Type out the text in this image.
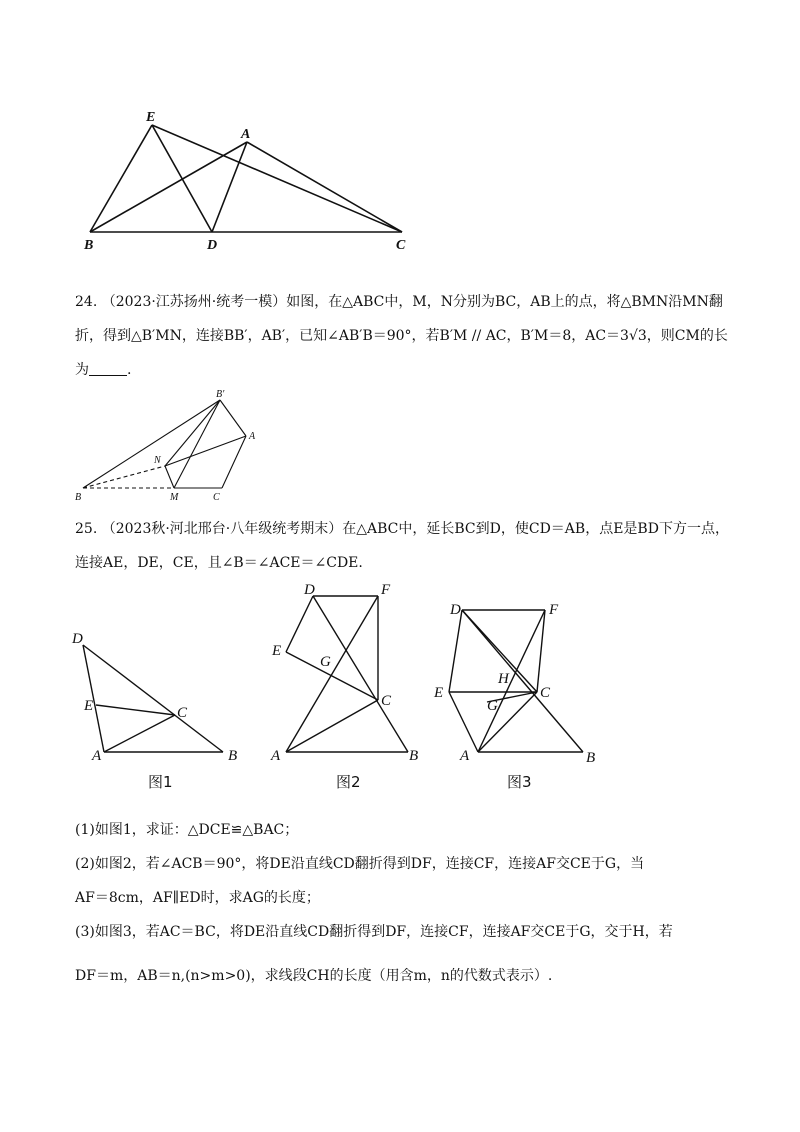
E
A
B	D	C
24. （2023·江苏扬州·统考一模）如图，在△ABC中，M，N分别为BC，AB上的点，将△BMN沿MN翻
折，得到△B′MN，连接BB′，AB′，已知∠AB′B＝90°，若B′M // AC，B′M＝8，AC＝3√3，则CM的长
为	.
B′
A
N
B	M	C
25. （2023秋·河北邢台·八年级统考期末）在△ABC中，延长BC到D，使CD＝AB，点E是BD下方一点，
连接AE，DE，CE，且∠B＝∠ACE＝∠CDE.
D
E	C
A	B
图1
D	F
E
G
C
A	B
图2
D	F
E
H
C
G
A	B
图3
(1)如图1，求证：△DCE≌△BAC；
(2)如图2，若∠ACB＝90°，将DE沿直线CD翻折得到DF，连接CF，连接AF交CE于G，当
AF＝8cm，AF∥ED时，求AG的长度；
(3)如图3，若AC＝BC，将DE沿直线CD翻折得到DF，连接CF，连接AF交CE于G，交于H，若
DF＝m，AB＝n,(n>m>0)，求线段CH的长度（用含m，n的代数式表示）.
